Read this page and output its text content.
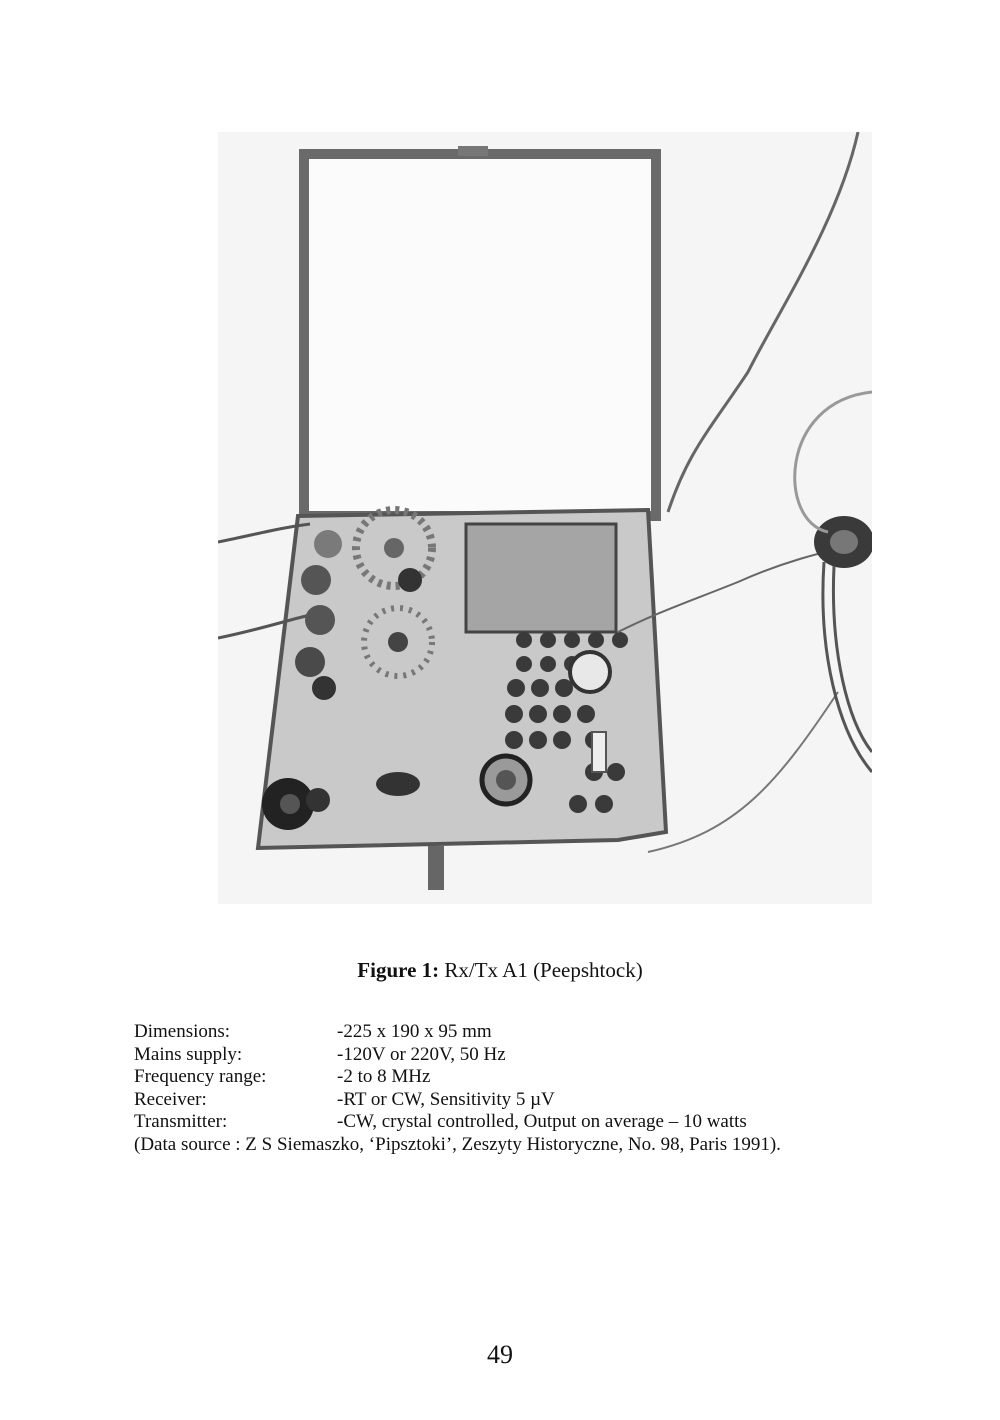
Figure 1: Rx/Tx A1 (Peepshtock)
Dimensions:	-225 x 190 x 95 mm
Mains supply:	-120V or 220V, 50 Hz
Frequency range:	-2 to 8 MHz
Receiver:	-RT or CW, Sensitivity 5 µV
Transmitter:	-CW, crystal controlled, Output on average – 10 watts
(Data source : Z S Siemaszko, ‘Pipsztoki’, Zeszyty Historyczne, No. 98, Paris 1991).
49
